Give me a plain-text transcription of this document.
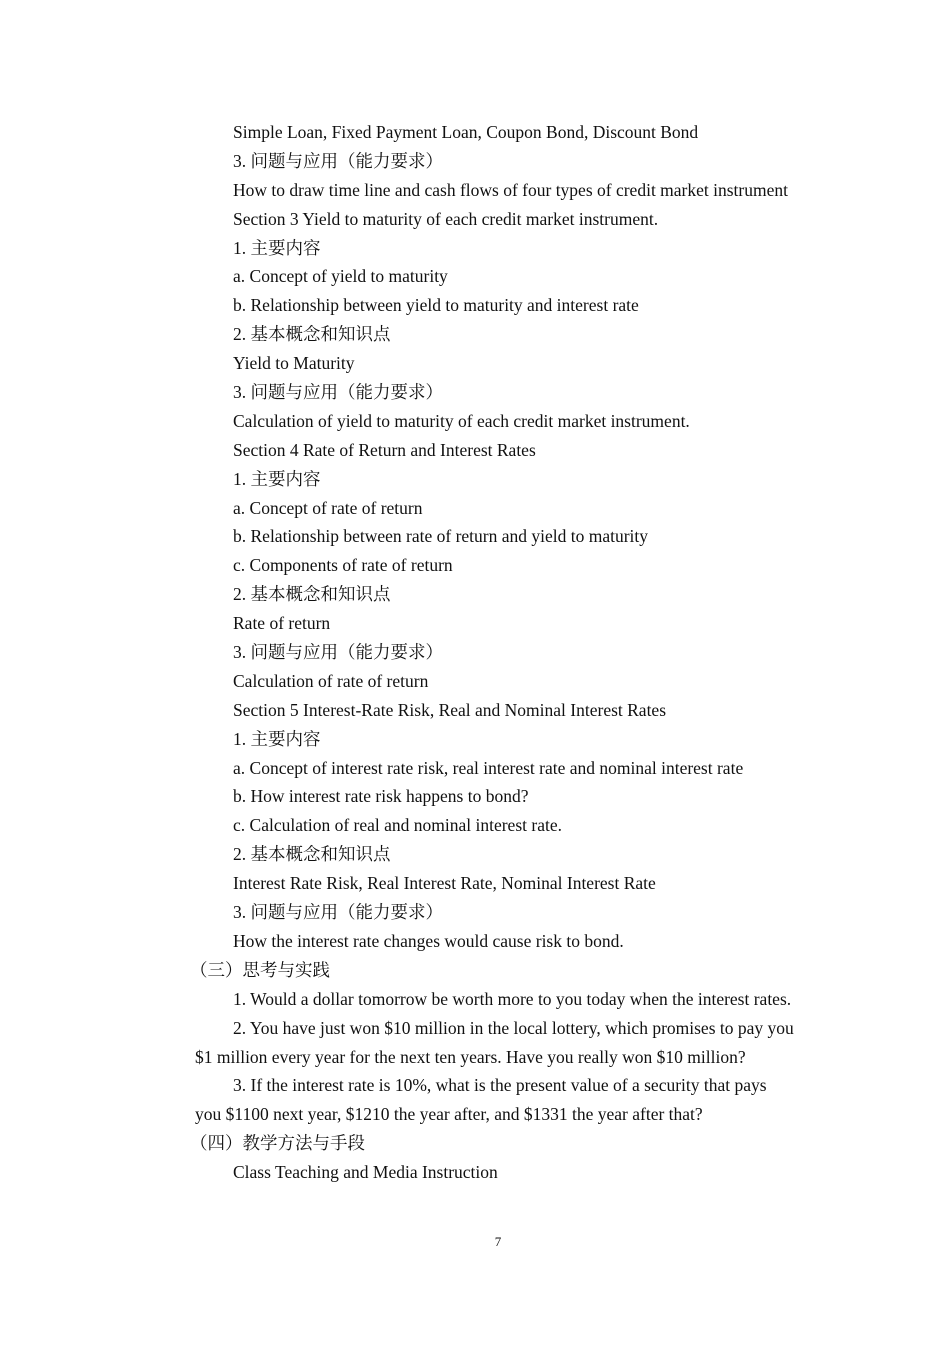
Simple Loan, Fixed Payment Loan, Coupon Bond, Discount Bond
3. 问题与应用（能力要求）
How to draw time line and cash flows of four types of credit market instrument
Section 3 Yield to maturity of each credit market instrument.
1. 主要内容
a. Concept of yield to maturity
b. Relationship between yield to maturity and interest rate
2. 基本概念和知识点
Yield to Maturity
3. 问题与应用（能力要求）
Calculation of yield to maturity of each credit market instrument.
Section 4 Rate of Return and Interest Rates
1. 主要内容
a. Concept of rate of return
b. Relationship between rate of return and yield to maturity
c. Components of rate of return
2. 基本概念和知识点
Rate of return
3. 问题与应用（能力要求）
Calculation of rate of return
Section 5 Interest-Rate Risk, Real and Nominal Interest Rates
1. 主要内容
a. Concept of interest rate risk, real interest rate and nominal interest rate
b. How interest rate risk happens to bond?
c. Calculation of real and nominal interest rate.
2. 基本概念和知识点
Interest Rate Risk, Real Interest Rate, Nominal Interest Rate
3. 问题与应用（能力要求）
How the interest rate changes would cause risk to bond.
（三）思考与实践
1. Would a dollar tomorrow be worth more to you today when the interest rates.
2. You have just won $10 million in the local lottery, which promises to pay you
$1 million every year for the next ten years. Have you really won $10 million?
3. If the interest rate is 10%, what is the present value of a security that pays
you $1100 next year, $1210 the year after, and $1331 the year after that?
（四）教学方法与手段
Class Teaching and Media Instruction
7
